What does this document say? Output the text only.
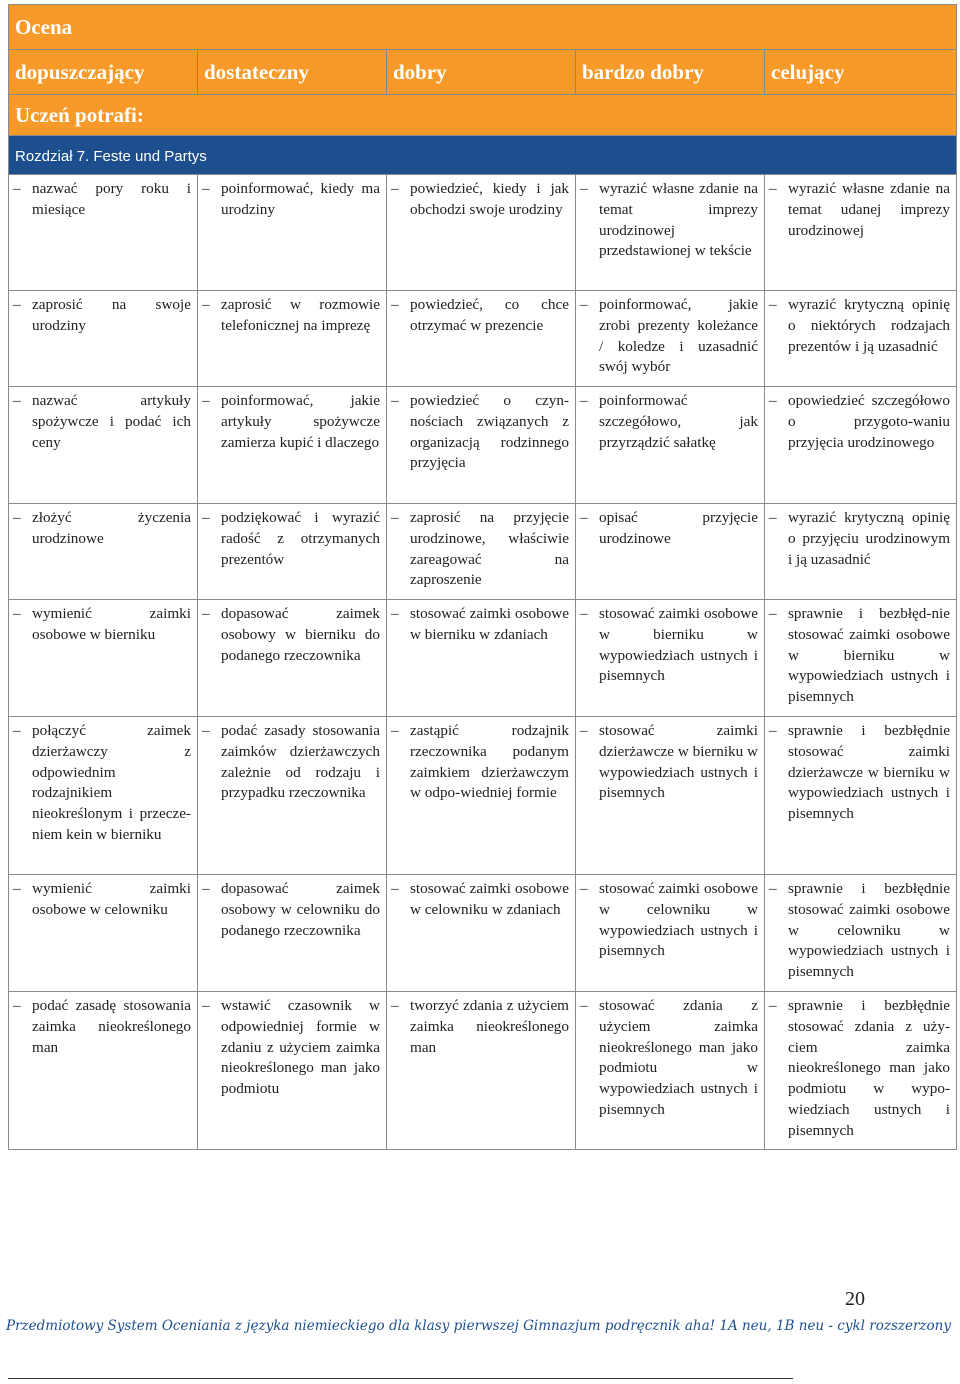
Ocena				

dopuszczający	dostateczny	dobry	bardzo dobry	celujący

Uczeń potrafi:				

Rozdział 7. Feste und Partys				

– nazwać pory roku i miesiące	– poinformować, kiedy ma urodziny	– powiedzieć, kiedy i jak obchodzi swoje urodziny	– wyrazić własne zdanie na temat imprezy urodzinowej przedstawionej w tekście	– wyrazić własne zdanie na temat udanej imprezy urodzinowej

– zaprosić na swoje urodziny	– zaprosić w rozmowie telefonicznej na imprezę	– powiedzieć, co chce otrzymać w prezencie	– poinformować, jakie zrobi prezenty koleżance / koledze i uzasadnić swój wybór	– wyrazić krytyczną opinię o niektórych rodzajach prezentów i ją uzasadnić

– nazwać artykuły spożywcze i podać ich ceny	– poinformować, jakie artykuły spożywcze zamierza kupić i dlaczego	– powiedzieć o czyn-nościach związanych z organizacją rodzinnego przyjęcia	– poinformować szczegółowo, jak przyrządzić sałatkę	– opowiedzieć szczegółowo o przygoto-waniu przyjęcia urodzinowego

– złożyć życzenia urodzinowe	– podziękować i wyrazić radość z otrzymanych prezentów	– zaprosić na przyjęcie urodzinowe, właściwie zareagować na zaproszenie	– opisać przyjęcie urodzinowe	– wyrazić krytyczną opinię o przyjęciu urodzinowym i ją uzasadnić

– wymienić zaimki osobowe w bierniku	– dopasować zaimek osobowy w bierniku do podanego rzeczownika	– stosować zaimki osobowe w bierniku w zdaniach	– stosować zaimki osobowe w bierniku w wypowiedziach ustnych i pisemnych	– sprawnie i bezbłęd-nie stosować zaimki osobowe w bierniku w wypowiedziach ustnych i pisemnych

– połączyć zaimek dzierżawczy z odpowiednim rodzajnikiem nieokreślonym i przecze-niem kein w bierniku	– podać zasady stosowania zaimków dzierżawczych zależnie od rodzaju i przypadku rzeczownika	– zastąpić rodzajnik rzeczownika podanym zaimkiem dzierżawczym w odpo-wiedniej formie	– stosować zaimki dzierżawcze w bierniku w wypowiedziach ustnych i pisemnych	– sprawnie i bezbłędnie stosować zaimki dzierżawcze w bierniku w wypowiedziach ustnych i pisemnych

– wymienić zaimki osobowe w celowniku	– dopasować zaimek osobowy w celowniku do podanego rzeczownika	– stosować zaimki osobowe w celowniku w zdaniach	– stosować zaimki osobowe w celowniku w wypowiedziach ustnych i pisemnych	– sprawnie i bezbłędnie stosować zaimki osobowe w celowniku w wypowiedziach ustnych i pisemnych

– podać zasadę stosowania zaimka nieokreślonego man	– wstawić czasownik w odpowiedniej formie w zdaniu z użyciem zaimka nieokreślonego man jako podmiotu	– tworzyć zdania z użyciem zaimka nieokreślonego man	– stosować zdania z użyciem zaimka nieokreślonego man jako podmiotu w wypowiedziach ustnych i pisemnych	– sprawnie i bezbłędnie stosować zdania z uży-ciem zaimka nieokreślonego man jako podmiotu w wypo-wiedziach ustnych i pisemnych
20
Przedmiotowy System Oceniania z języka niemieckiego dla klasy pierwszej Gimnazjum podręcznik aha! 1A neu, 1B neu - cykl rozszerzony
